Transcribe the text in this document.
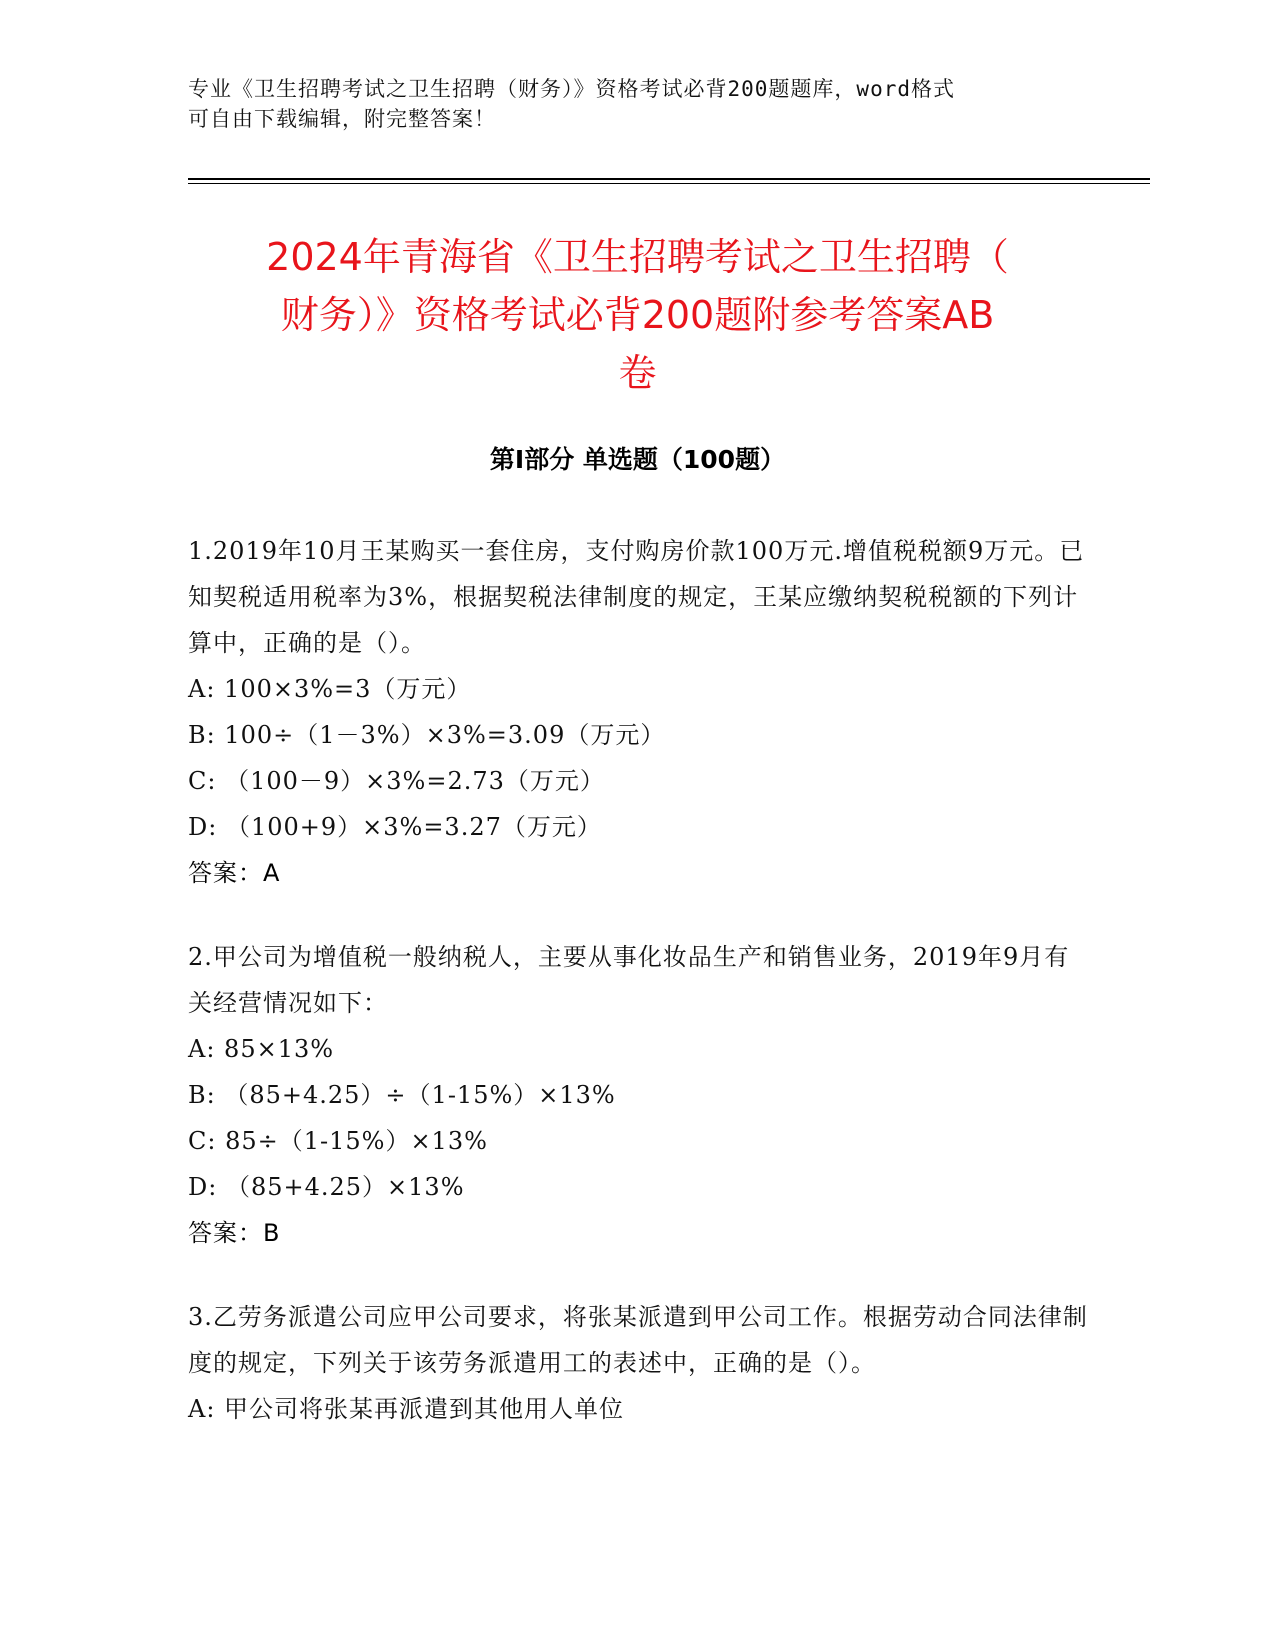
专业《卫生招聘考试之卫生招聘（财务）》资格考试必背200题题库，word格式
可自由下载编辑，附完整答案！
2024年青海省《卫生招聘考试之卫生招聘（
财务）》资格考试必背200题附参考答案AB
卷
第Ⅰ部分 单选题（100题）

1.2019年10月王某购买一套住房，支付购房价款100万元.增值税税额9万元。已知契税适用税率为3%，根据契税法律制度的规定，王某应缴纳契税税额的下列计算中，正确的是（）。

A: 100×3%=3（万元）

B: 100÷（1－3%）×3%=3.09（万元）

C: （100－9）×3%=2.73（万元）

D: （100+9）×3%=3.27（万元）

答案：A

2.甲公司为增值税一般纳税人，主要从事化妆品生产和销售业务，2019年9月有关经营情况如下：

A: 85×13%

B: （85+4.25）÷（1-15%）×13%

C: 85÷（1-15%）×13%

D: （85+4.25）×13%

答案：B

3.乙劳务派遣公司应甲公司要求，将张某派遣到甲公司工作。根据劳动合同法律制度的规定，下列关于该劳务派遣用工的表述中，正确的是（）。

A: 甲公司将张某再派遣到其他用人单位
